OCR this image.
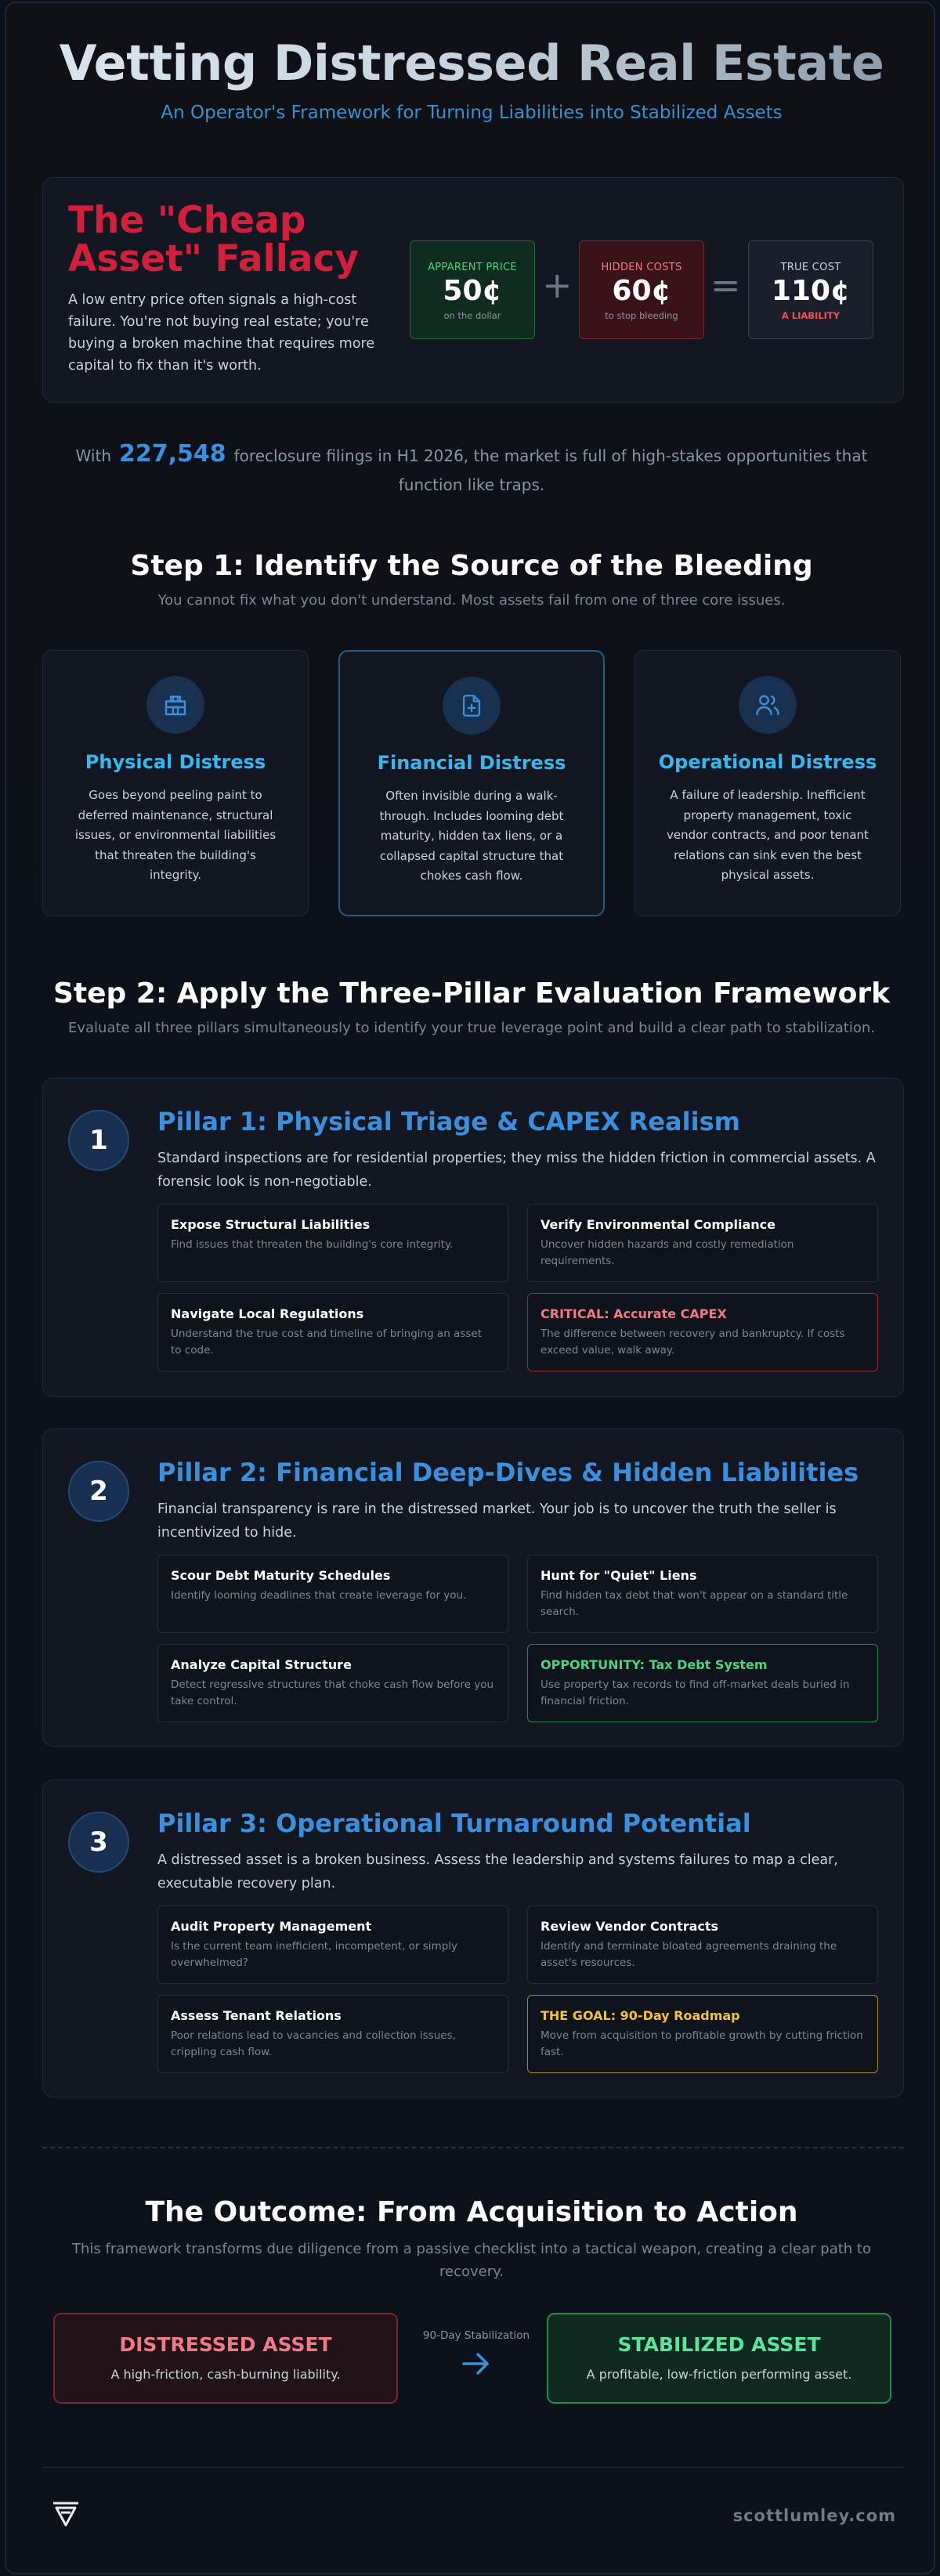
Vetting Distressed Real Estate
An Operator's Framework for Turning Liabilities into Stabilized Assets
The "Cheap Asset" Fallacy
A low entry price often signals a high-cost failure. You're not buying real estate; you're buying a broken machine that requires more capital to fix than it's worth.
APPARENT PRICE
50¢
on the dollar
+	HIDDEN COSTS
60¢
to stop bleeding
=	TRUE COST
110¢
A LIABILITY
With 227,548 foreclosure filings in H1 2026, the market is full of high-stakes opportunities that function like traps.
Step 1: Identify the Source of the Bleeding
You cannot fix what you don't understand. Most assets fail from one of three core issues.
Physical Distress
Goes beyond peeling paint to deferred maintenance, structural issues, or environmental liabilities that threaten the building's integrity.
Financial Distress
Often invisible during a walk-through. Includes looming debt maturity, hidden tax liens, or a collapsed capital structure that chokes cash flow.
Operational Distress
A failure of leadership. Inefficient property management, toxic vendor contracts, and poor tenant relations can sink even the best physical assets.
Step 2: Apply the Three-Pillar Evaluation Framework
Evaluate all three pillars simultaneously to identify your true leverage point and build a clear path to stabilization.
1
Pillar 1: Physical Triage & CAPEX Realism
Standard inspections are for residential properties; they miss the hidden friction in commercial assets. A forensic look is non-negotiable.
Expose Structural Liabilities
Find issues that threaten the building's core integrity.
Verify Environmental Compliance
Uncover hidden hazards and costly remediation requirements.
Navigate Local Regulations
Understand the true cost and timeline of bringing an asset to code.
CRITICAL: Accurate CAPEX
The difference between recovery and bankruptcy. If costs exceed value, walk away.
2
Pillar 2: Financial Deep-Dives & Hidden Liabilities
Financial transparency is rare in the distressed market. Your job is to uncover the truth the seller is incentivized to hide.
Scour Debt Maturity Schedules
Identify looming deadlines that create leverage for you.
Hunt for "Quiet" Liens
Find hidden tax debt that won't appear on a standard title search.
Analyze Capital Structure
Detect regressive structures that choke cash flow before you take control.
OPPORTUNITY: Tax Debt System
Use property tax records to find off-market deals buried in financial friction.
3
Pillar 3: Operational Turnaround Potential
A distressed asset is a broken business. Assess the leadership and systems failures to map a clear, executable recovery plan.
Audit Property Management
Is the current team inefficient, incompetent, or simply overwhelmed?
Review Vendor Contracts
Identify and terminate bloated agreements draining the asset's resources.
Assess Tenant Relations
Poor relations lead to vacancies and collection issues, crippling cash flow.
THE GOAL: 90-Day Roadmap
Move from acquisition to profitable growth by cutting friction fast.
The Outcome: From Acquisition to Action
This framework transforms due diligence from a passive checklist into a tactical weapon, creating a clear path to recovery.
DISTRESSED ASSET
A high-friction, cash-burning liability.
90-Day Stabilization	STABILIZED ASSET
A profitable, low-friction performing asset.
scottlumley.com
